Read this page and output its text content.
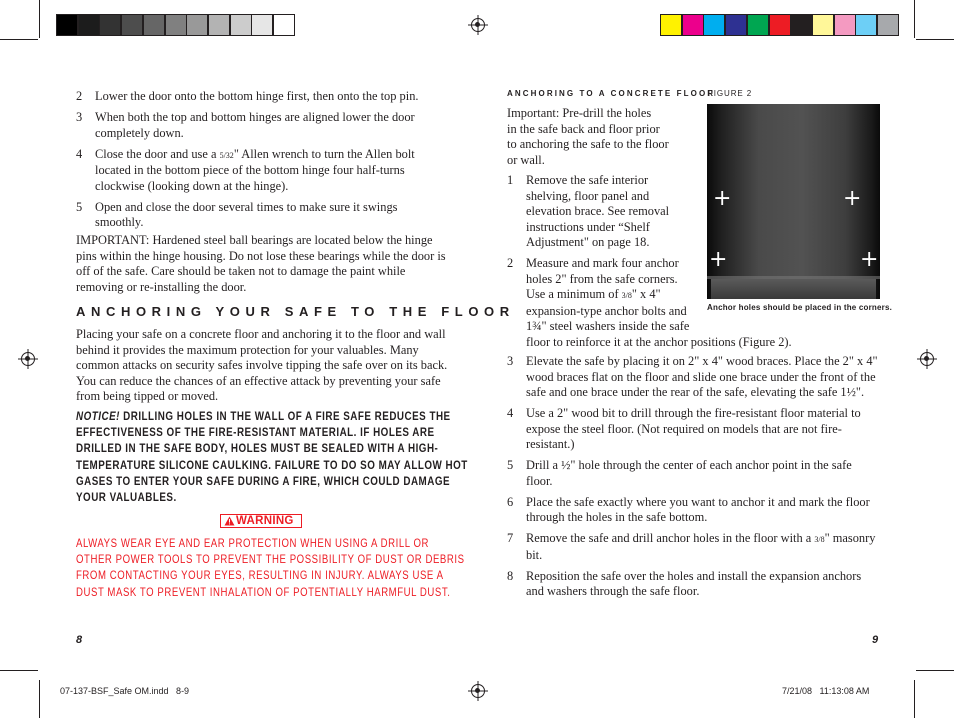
2 Lower the door onto the bottom hinge first, then onto the top pin.
3 When both the top and bottom hinges are aligned lower the door completely down.
4 Close the door and use a 5/32" Allen wrench to turn the Allen bolt located in the bottom piece of the bottom hinge four half-turns clockwise (looking down at the hinge).
5 Open and close the door several times to make sure it swings smoothly.

IMPORTANT: Hardened steel ball bearings are located below the hinge pins within the hinge housing. Do not lose these bearings while the door is off of the safe. Care should be taken not to damage the paint while removing or re-installing the door.

ANCHORING YOUR SAFE TO THE FLOOR

Placing your safe on a concrete floor and anchoring it to the floor and wall behind it provides the maximum protection for your valuables. Many common attacks on security safes involve tipping the safe over on its back. You can reduce the chances of an effective attack by preventing your safe from being tipped or moved.

NOTICE! DRILLING HOLES IN THE WALL OF A FIRE SAFE REDUCES THE
EFFECTIVENESS OF THE FIRE-RESISTANT MATERIAL. IF HOLES ARE
DRILLED IN THE SAFE BODY, HOLES MUST BE SEALED WITH A HIGH-
TEMPERATURE SILICONE CAULKING. FAILURE TO DO SO MAY ALLOW HOT
GASES TO ENTER YOUR SAFE DURING A FIRE, WHICH COULD DAMAGE
YOUR VALUABLES.
WARNING
ALWAYS WEAR EYE AND EAR PROTECTION WHEN USING A DRILL OR
OTHER POWER TOOLS TO PREVENT THE POSSIBILITY OF DUST OR DEBRIS
FROM CONTACTING YOUR EYES, RESULTING IN INJURY. ALWAYS USE A
DUST MASK TO PREVENT INHALATION OF POTENTIALLY HARMFUL DUST.
8
ANCHORING TO A CONCRETE FLOOR
FIGURE 2
+	+
+	+
Anchor holes should be placed in the corners.
Important: Pre-drill the holes
in the safe back and floor prior
to anchoring the safe to the floor
or wall.
1 Remove the safe interior
shelving, floor panel and
elevation brace. See removal
instructions under “Shelf
Adjustment" on page 18.
2 Measure and mark four anchor
holes 2" from the safe corners.
Use a minimum of 3/8" x 4"
expansion-type anchor bolts and
1¾" steel washers inside the safe
floor to reinforce it at the anchor positions (Figure 2).
3 Elevate the safe by placing it on 2" x 4" wood braces. Place the 2" x 4" wood braces flat on the floor and slide one brace under the front of the safe and one brace under the rear of the safe, elevating the safe 1½".
4 Use a 2" wood bit to drill through the fire-resistant floor material to expose the steel floor. (Not required on models that are not fire-resistant.)
5 Drill a ½" hole through the center of each anchor point in the safe floor.
6 Place the safe exactly where you want to anchor it and mark the floor through the holes in the safe bottom.
7 Remove the safe and drill anchor holes in the floor with a 3/8" masonry bit.
8 Reposition the safe over the holes and install the expansion anchors and washers through the safe floor.
9
07-137-BSF_Safe OM.indd   8-9	7/21/08   11:13:08 AM
